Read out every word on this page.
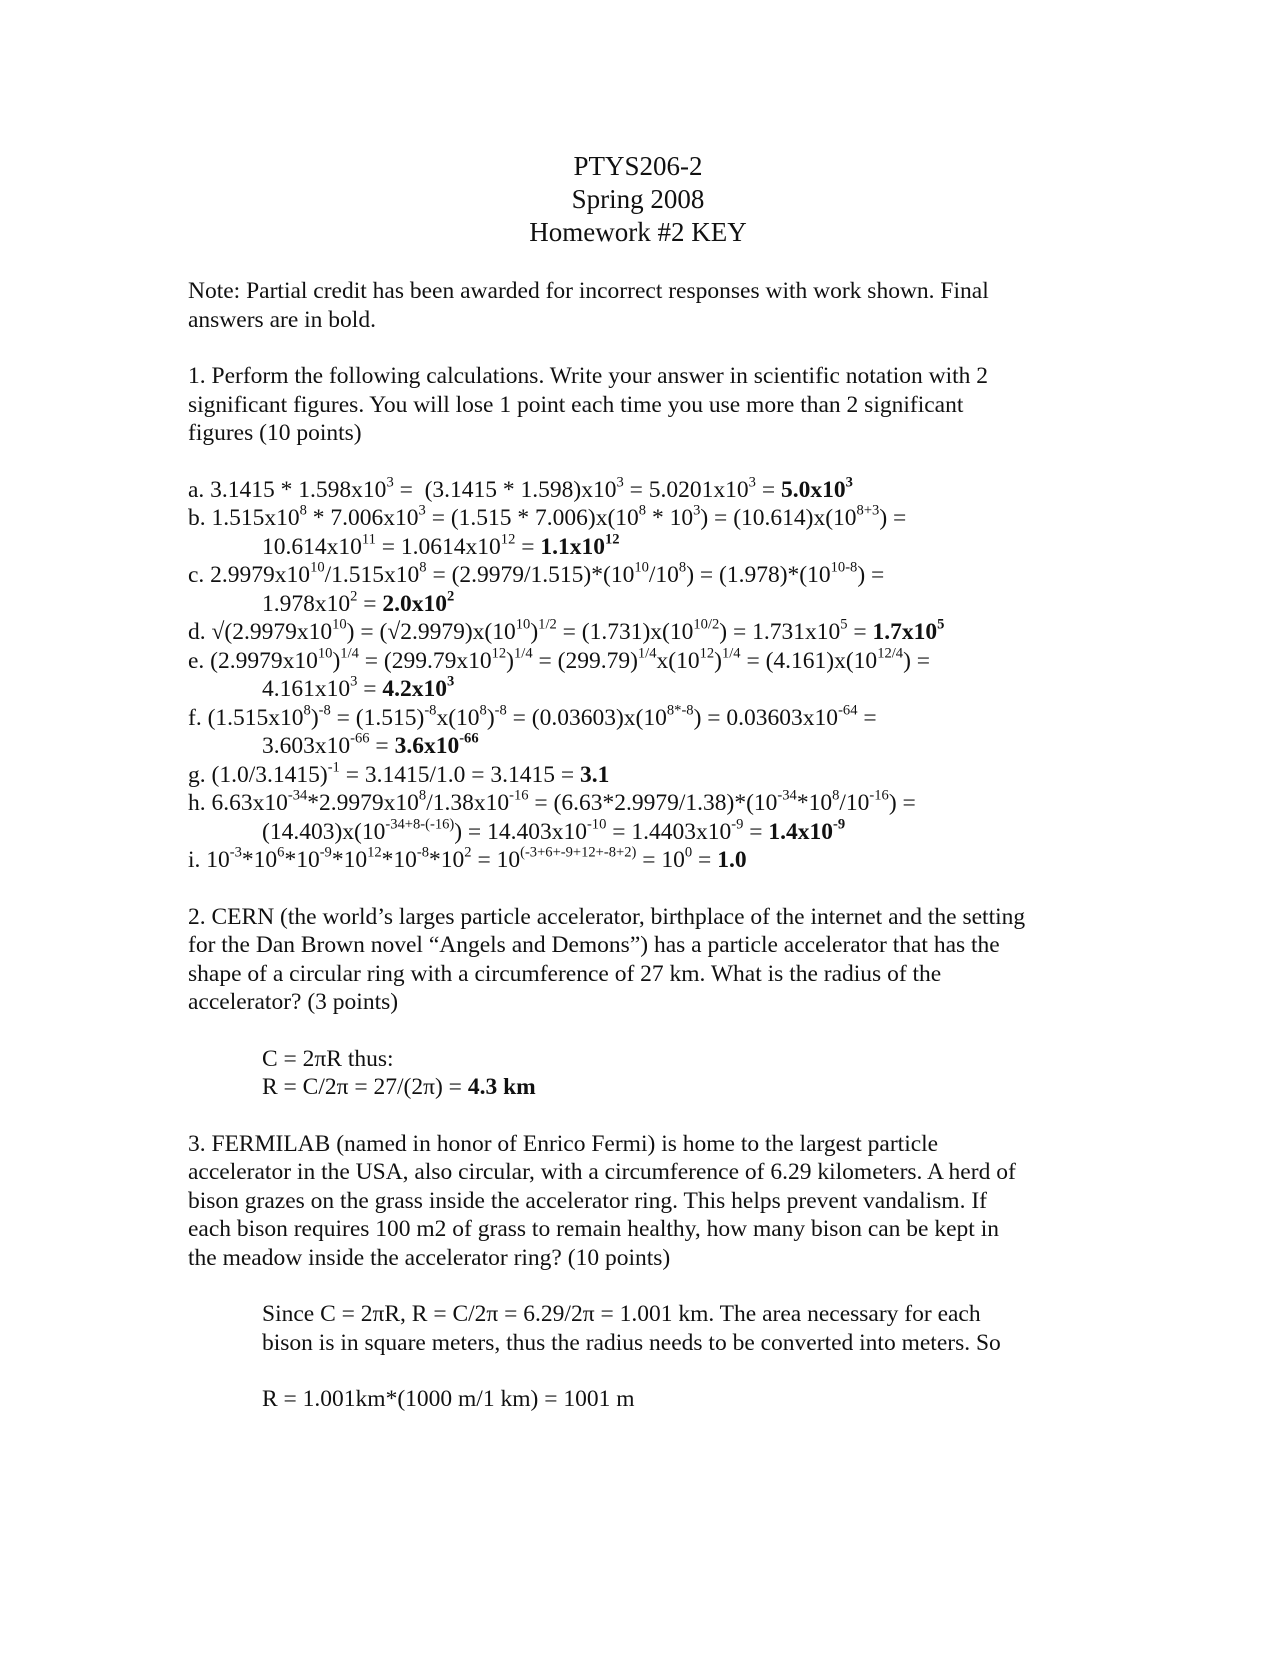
PTYS206-2

Spring 2008

Homework #2 KEY

Note: Partial credit has been awarded for incorrect responses with work shown. Final answers are in bold.

1. Perform the following calculations. Write your answer in scientific notation with 2

significant figures. You will lose 1 point each time you use more than 2 significant

figures (10 points)

a. $3.1415 * 1.598x10^3 = (3.1415 * 1.598)x10^3 = 5.0201x10^3 = 5.0x10^3$

b. $1.515x10^8 * 7.006x10^3 = (1.515 * 7.006)x(10^8 * 10^3) = (10.614)x(10^{8+3})$ =

$10.614x10^{11} = 1.0614x10^{12} = 1.1x10^{12}$

c. $2.9979x10^{10}/1.515x10^8 = (2.9979/1.515)*(10^{10}/10^8) = (1.978)*(10^{10-8})$ =

$1.978x10^2 = 2.0x10^2$

d. $√(2.9979x10^{10}) = (√2.9979)x(10^{10})^{1/2} = (1.731)x(10^{10/2}) = 1.731x10^5 = 1.7x10^5$

e. $(2.9979x10^{10})^{1/4} = (299.79x10^{12})^{1/4} = (299.79)^{1/4}x(10^{12})^{1/4} = (4.161)x(10^{12/4})$ =

$4.161x10^3 = 4.2x10^3$

f. $(1.515x10^8)^{-8} = (1.515)^{-8}x(10^8)^{-8} = (0.03603)x(10^{8*-8}) = 0.03603x10^{-64}$ =

$3.603x10^{-66} = 3.6x10^{-66}$

g. $(1.0/3.1415)^{-1} = 3.1415/1.0 = 3.1415 = 3.1$

h. $6.63x10^{-34}*2.9979x10^8/1.38x10^{-16} = (6.63*2.9979/1.38)*(10^{-34}*10^8/10^{-16})$ =

$(14.403)x(10^{-34+8-(-16)}) = 14.403x10^{-10} = 1.4403x10^{-9} = 1.4x10^{-9}$

i. $10^{-3}*10^6*10^{-9}*10^{12}*10^{-8}*10^2 = 10^{(-3+6+-9+12+-8+2)} = 10^0 = 1.0$

2. CERN (the world’s larges particle accelerator, birthplace of the internet and the setting

for the Dan Brown novel “Angels and Demons”) has a particle accelerator that has the

shape of a circular ring with a circumference of 27 km. What is the radius of the

accelerator? (3 points)

C = 2πR thus:

R = C/2π = 27/(2π) = 4.3 km

3. FERMILAB (named in honor of Enrico Fermi) is home to the largest particle

accelerator in the USA, also circular, with a circumference of 6.29 kilometers. A herd of

bison grazes on the grass inside the accelerator ring. This helps prevent vandalism. If

each bison requires 100 m2 of grass to remain healthy, how many bison can be kept in

the meadow inside the accelerator ring? (10 points)

Since C = 2πR, R = C/2π = 6.29/2π = 1.001 km. The area necessary for each

bison is in square meters, thus the radius needs to be converted into meters. So

R = 1.001km*(1000 m/1 km) = 1001 m
